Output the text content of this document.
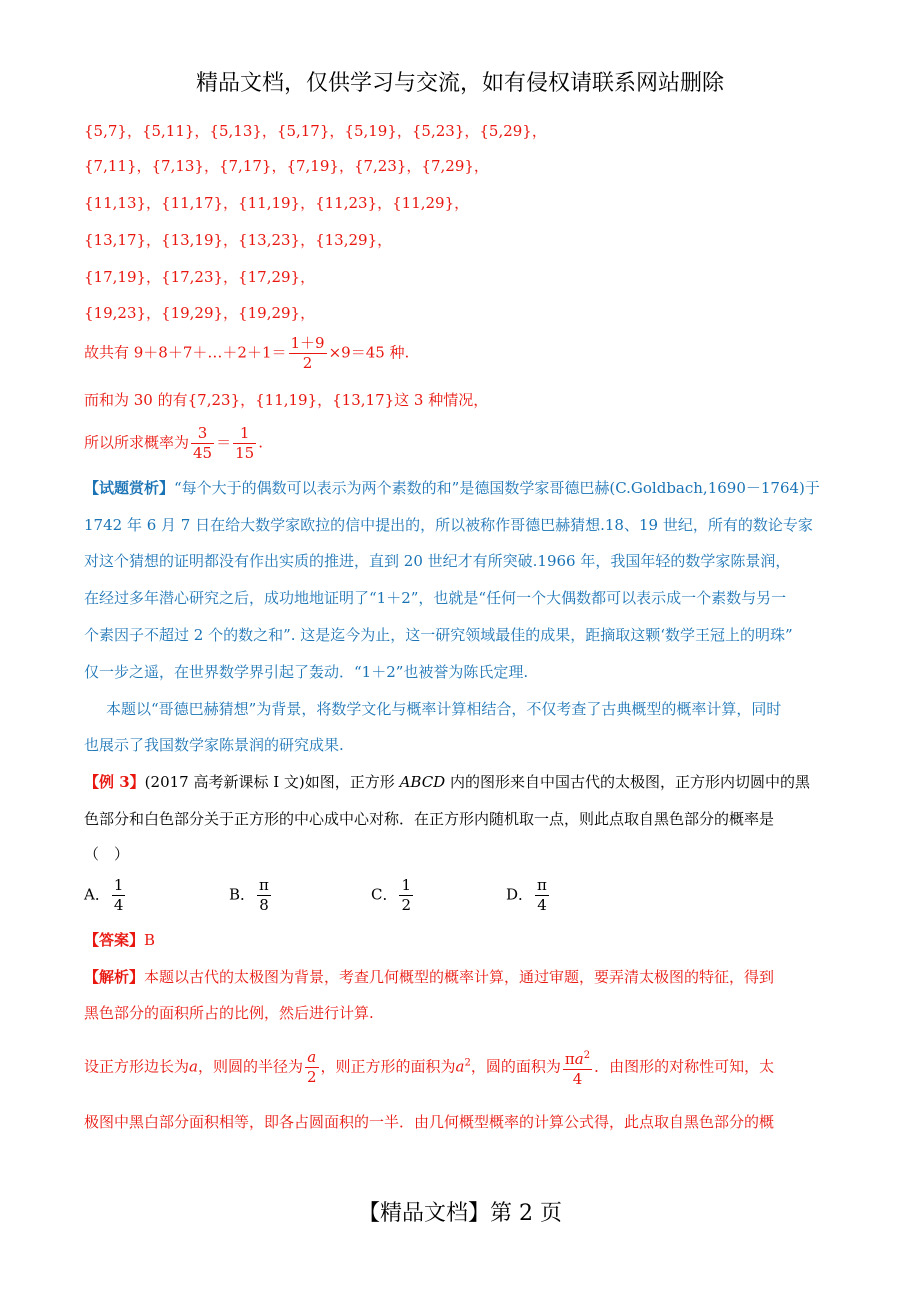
精品文档，仅供学习与交流，如有侵权请联系网站删除
{5,7}，{5,11}，{5,13}，{5,17}，{5,19}，{5,23}，{5,29}，
{7,11}，{7,13}，{7,17}，{7,19}，{7,23}，{7,29}，
{11,13}，{11,17}，{11,19}，{11,23}，{11,29}，
{13,17}，{13,19}，{13,23}，{13,29}，
{17,19}，{17,23}，{17,29}，
{19,23}，{19,29}，{19,29}，
故共有 9＋8＋7＋…＋2＋1＝ $\frac{1+9}{2} \times 9=45$ 种.
而和为 30 的有{7,23}，{11,19}，{13,17}这 3 种情况，
所以所求概率为 $\frac{3}{45} = \frac{1}{15}$ .
【试题赏析】“每个大于的偶数可以表示为两个素数的和”是德国数学家哥德巴赫(C.Goldbach,1690－1764)于
1742 年 6 月 7 日在给大数学家欧拉的信中提出的，所以被称作哥德巴赫猜想.18、19 世纪，所有的数论专家
对这个猜想的证明都没有作出实质的推进，直到 20 世纪才有所突破.1966 年，我国年轻的数学家陈景润，
在经过多年潜心研究之后，成功地地证明了“1＋2”，也就是“任何一个大偶数都可以表示成一个素数与另一
个素因子不超过 2 个的数之和”. 这是迄今为止，这一研究领域最佳的成果，距摘取这颗‘数学王冠上的明珠”
仅一步之遥，在世界数学界引起了轰动．“1＋2”也被誉为陈氏定理.
本题以“哥德巴赫猜想”为背景，将数学文化与概率计算相结合，不仅考查了古典概型的概率计算，同时
也展示了我国数学家陈景润的研究成果.
【例 3】(2017 高考新课标 I 文)如图，正方形 ABCD 内的图形来自中国古代的太极图，正方形内切圆中的黑
色部分和白色部分关于正方形的中心成中心对称．在正方形内随机取一点，则此点取自黑色部分的概率是
（　）
A． $\frac{1}{4}$	B． $\frac{\pi}{8}$	C． $\frac{1}{2}$	D． $\frac{\pi}{4}$
【答案】B
【解析】本题以古代的太极图为背景，考查几何概型的概率计算，通过审题，要弄清太极图的特征，得到
黑色部分的面积所占的比例，然后进行计算.
设正方形边长为a，则圆的半径为 $\frac{a}{2}$ ，则正方形的面积为$a^2$，圆的面积为 $\frac{\pi a^2}{4}$ ．由图形的对称性可知，太
极图中黑白部分面积相等，即各占圆面积的一半．由几何概型概率的计算公式得，此点取自黑色部分的概
【精品文档】第 2 页
